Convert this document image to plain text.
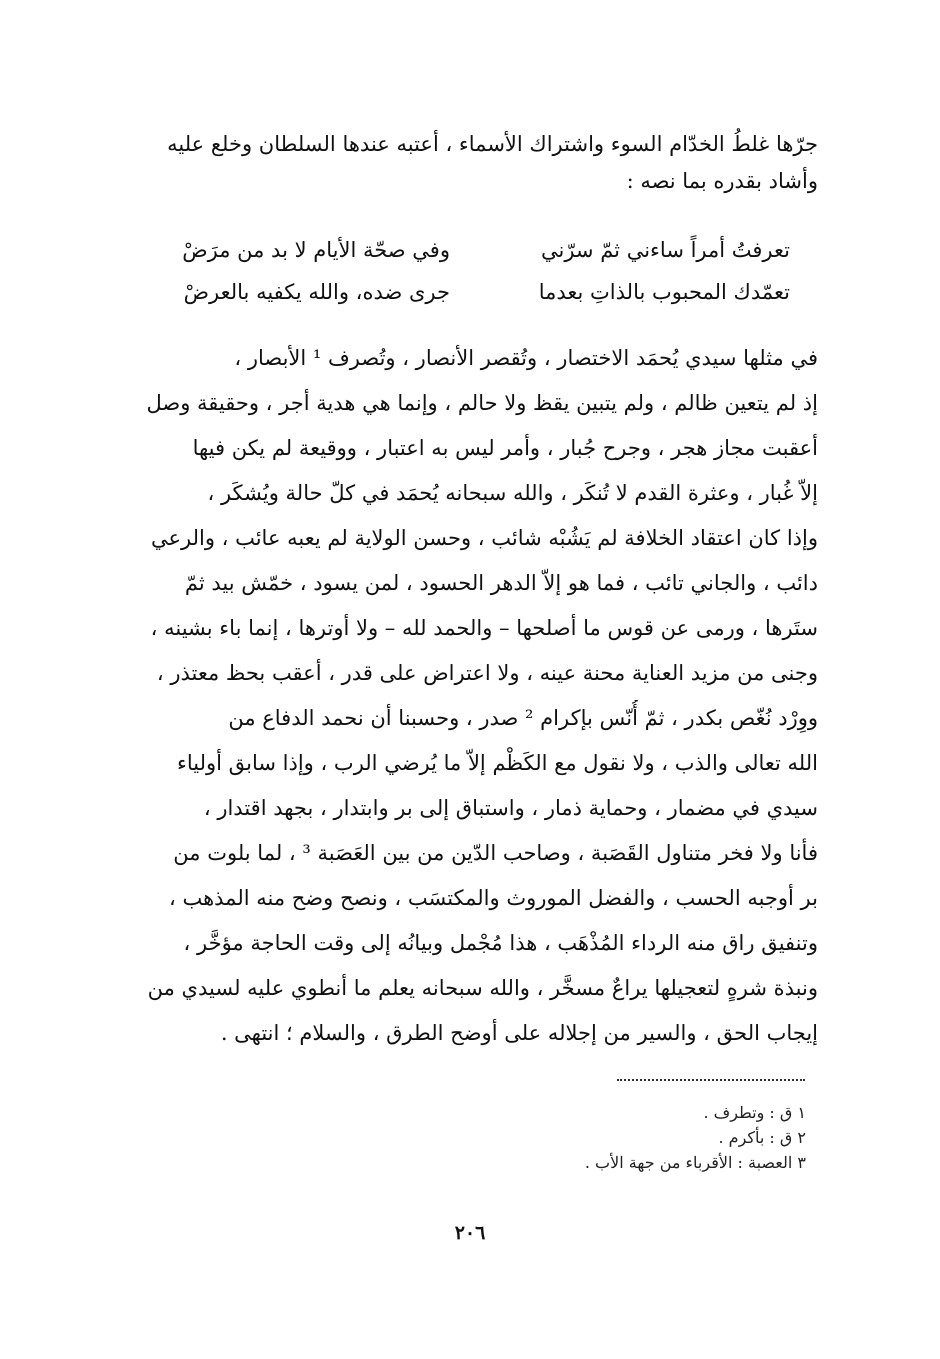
جرّها غلطُ الخدّام السوء واشتراك الأسماء ، أعتبه عندها السلطان وخلع عليه
وأشاد بقدره بما نصه :
تعرفتُ أمراً ساءني ثمّ سرّني
وفي صحّة الأيام لا بد من مرَضْ
تعمّدك المحبوب بالذاتِ بعدما
جرى ضده، والله يكفيه بالعرضْ
في مثلها سيدي يُحمَد الاختصار ، وتُقصر الأنصار ، وتُصرف ¹ الأبصار ،
إذ لم يتعين ظالم ، ولم يتبين يقظ ولا حالم ، وإنما هي هدية أجر ، وحقيقة وصل
أعقبت مجاز هجر ، وجرح جُبار ، وأمر ليس به اعتبار ، ووقيعة لم يكن فيها
إلاّ غُبار ، وعثرة القدم لا تُنكَر ، والله سبحانه يُحمَد في كلّ حالة ويُشكَر ،
وإذا كان اعتقاد الخلافة لم يَشُبْه شائب ، وحسن الولاية لم يعبه عائب ، والرعي
دائب ، والجاني تائب ، فما هو إلاّ الدهر الحسود ، لمن يسود ، خمّش بيد ثمّ
ستَرها ، ورمى عن قوس ما أصلحها – والحمد لله – ولا أوترها ، إنما باء بشينه ،
وجنى من مزيد العناية محنة عينه ، ولا اعتراض على قدر ، أعقب بحظ معتذر ،
ووِرْد نُغّص بكدر ، ثمّ أُنّس بإكرام ² صدر ، وحسبنا أن نحمد الدفاع من
الله تعالى والذب ، ولا نقول مع الكَظْم إلاّ ما يُرضي الرب ، وإذا سابق أولياء
سيدي في مضمار ، وحماية ذمار ، واستباق إلى بر وابتدار ، بجهد اقتدار ،
فأنا ولا فخر متناول القَصَبة ، وصاحب الدّين من بين العَصَبة ³ ، لما بلوت من
بر أوجبه الحسب ، والفضل الموروث والمكتسَب ، ونصح وضح منه المذهب ،
وتنفيق راق منه الرداء المُذْهَب ، هذا مُجْمل وبيانُه إلى وقت الحاجة مؤخَّر ،
ونبذة شرهٍ لتعجيلها يراعٌ مسخَّر ، والله سبحانه يعلم ما أنطوي عليه لسيدي من
إيجاب الحق ، والسير من إجلاله على أوضح الطرق ، والسلام ؛ انتهى .
١ ق : وتطرف .
٢ ق : بأكرم .
٣ العصبة : الأقرباء من جهة الأب .
٢٠٦
